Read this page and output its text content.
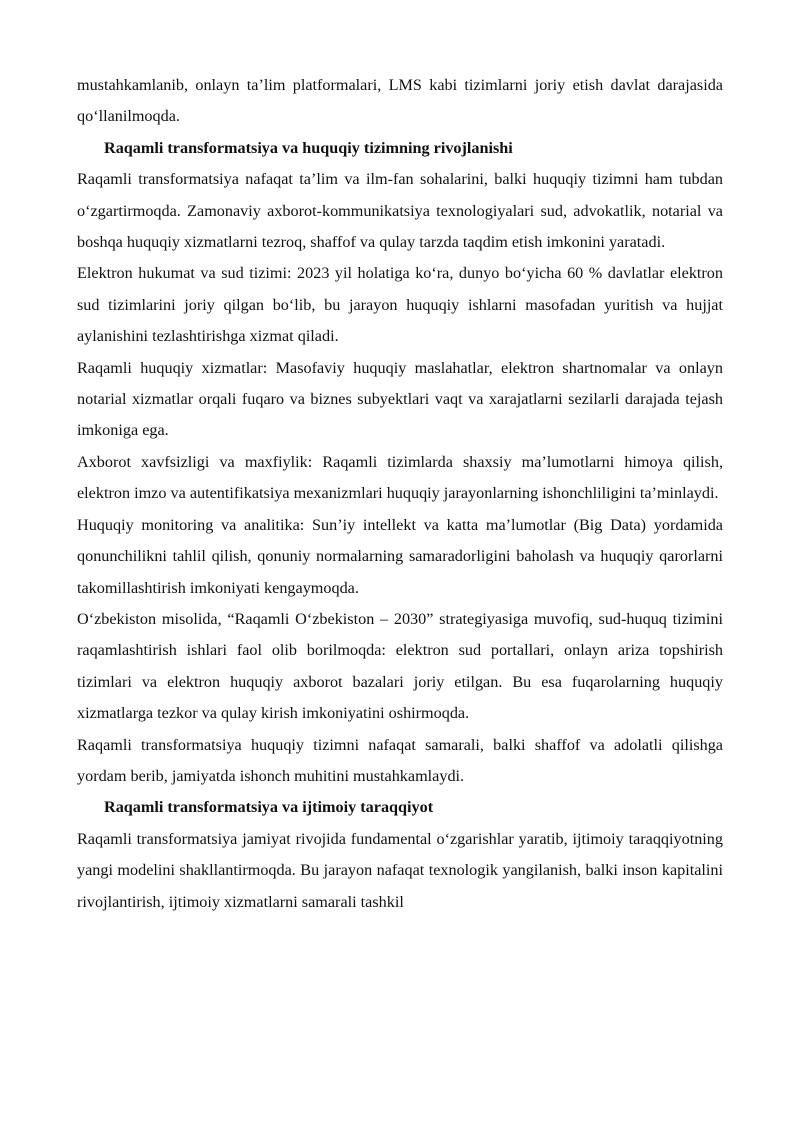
mustahkamlanib, onlayn ta’lim platformalari, LMS kabi tizimlarni joriy etish davlat darajasida qo‘llanilmoqda.

Raqamli transformatsiya va huquqiy tizimning rivojlanishi

Raqamli transformatsiya nafaqat ta’lim va ilm-fan sohalarini, balki huquqiy tizimni ham tubdan o‘zgartirmoqda. Zamonaviy axborot-kommunikatsiya texnologiyalari sud, advokatlik, notarial va boshqa huquqiy xizmatlarni tezroq, shaffof va qulay tarzda taqdim etish imkonini yaratadi.

Elektron hukumat va sud tizimi: 2023 yil holatiga ko‘ra, dunyo bo‘yicha 60 % davlatlar elektron sud tizimlarini joriy qilgan bo‘lib, bu jarayon huquqiy ishlarni masofadan yuritish va hujjat aylanishini tezlashtirishga xizmat qiladi.

Raqamli huquqiy xizmatlar: Masofaviy huquqiy maslahatlar, elektron shartnomalar va onlayn notarial xizmatlar orqali fuqaro va biznes subyektlari vaqt va xarajatlarni sezilarli darajada tejash imkoniga ega.

Axborot xavfsizligi va maxfiylik: Raqamli tizimlarda shaxsiy ma’lumotlarni himoya qilish, elektron imzo va autentifikatsiya mexanizmlari huquqiy jarayonlarning ishonchliligini ta’minlaydi.

Huquqiy monitoring va analitika: Sun’iy intellekt va katta ma’lumotlar (Big Data) yordamida qonunchilikni tahlil qilish, qonuniy normalarning samaradorligini baholash va huquqiy qarorlarni takomillashtirish imkoniyati kengaymoqda.

O‘zbekiston misolida, “Raqamli O‘zbekiston – 2030” strategiyasiga muvofiq, sud-huquq tizimini raqamlashtirish ishlari faol olib borilmoqda: elektron sud portallari, onlayn ariza topshirish tizimlari va elektron huquqiy axborot bazalari joriy etilgan. Bu esa fuqarolarning huquqiy xizmatlarga tezkor va qulay kirish imkoniyatini oshirmoqda.

Raqamli transformatsiya huquqiy tizimni nafaqat samarali, balki shaffof va adolatli qilishga yordam berib, jamiyatda ishonch muhitini mustahkamlaydi.

Raqamli transformatsiya va ijtimoiy taraqqiyot

Raqamli transformatsiya jamiyat rivojida fundamental o‘zgarishlar yaratib, ijtimoiy taraqqiyotning yangi modelini shakllantirmoqda. Bu jarayon nafaqat texnologik yangilanish, balki inson kapitalini rivojlantirish, ijtimoiy xizmatlarni samarali tashkil
